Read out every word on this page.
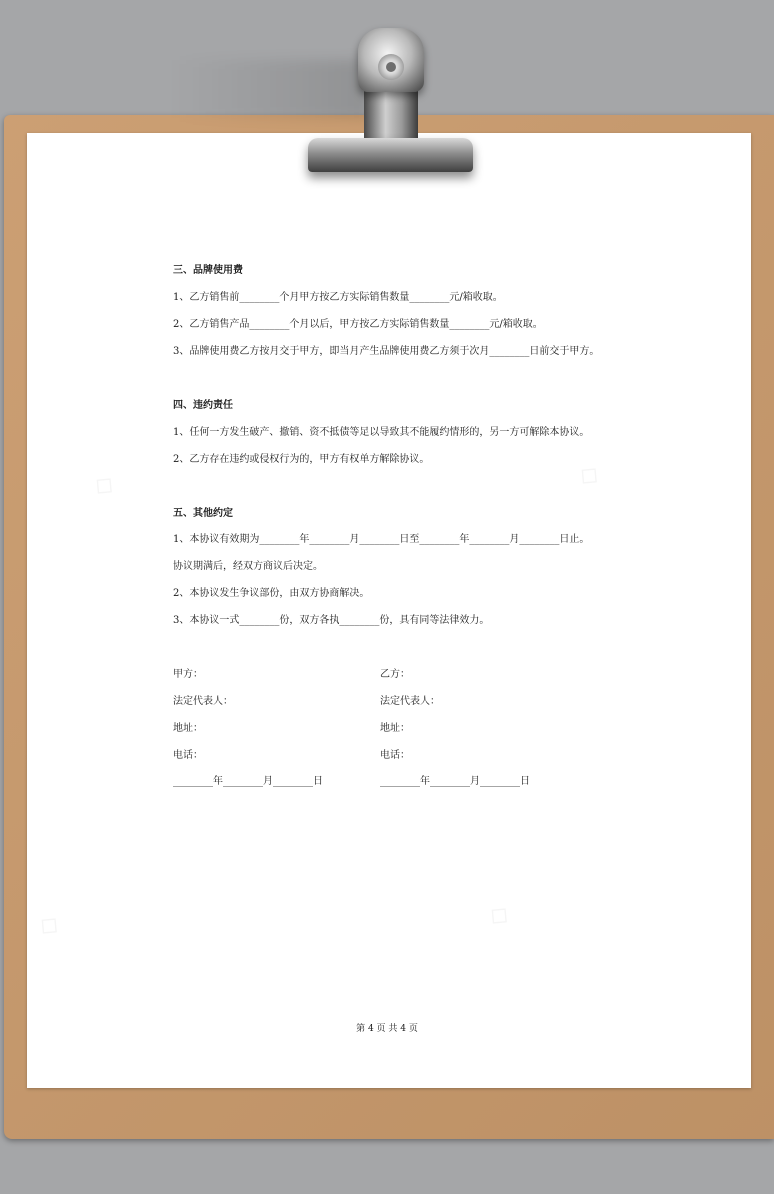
◇	◇
◇	◇
三、品牌使用费
1、乙方销售前________个月甲方按乙方实际销售数量________元/箱收取。
2、乙方销售产品________个月以后，甲方按乙方实际销售数量________元/箱收取。
3、品牌使用费乙方按月交于甲方，即当月产生品牌使用费乙方须于次月________日前交于甲方。
四、违约责任
1、任何一方发生破产、撤销、资不抵债等足以导致其不能履约情形的，另一方可解除本协议。
2、乙方存在违约或侵权行为的，甲方有权单方解除协议。
五、其他约定
1、本协议有效期为________年________月________日至________年________月________日止。
协议期满后，经双方商议后决定。
2、本协议发生争议部份，由双方协商解决。
3、本协议一式________份，双方各执________份，具有同等法律效力。
甲方：
法定代表人：
地址：
电话：
________年________月________日
乙方：
法定代表人：
地址：
电话：
________年________月________日
第 4 页 共 4 页
